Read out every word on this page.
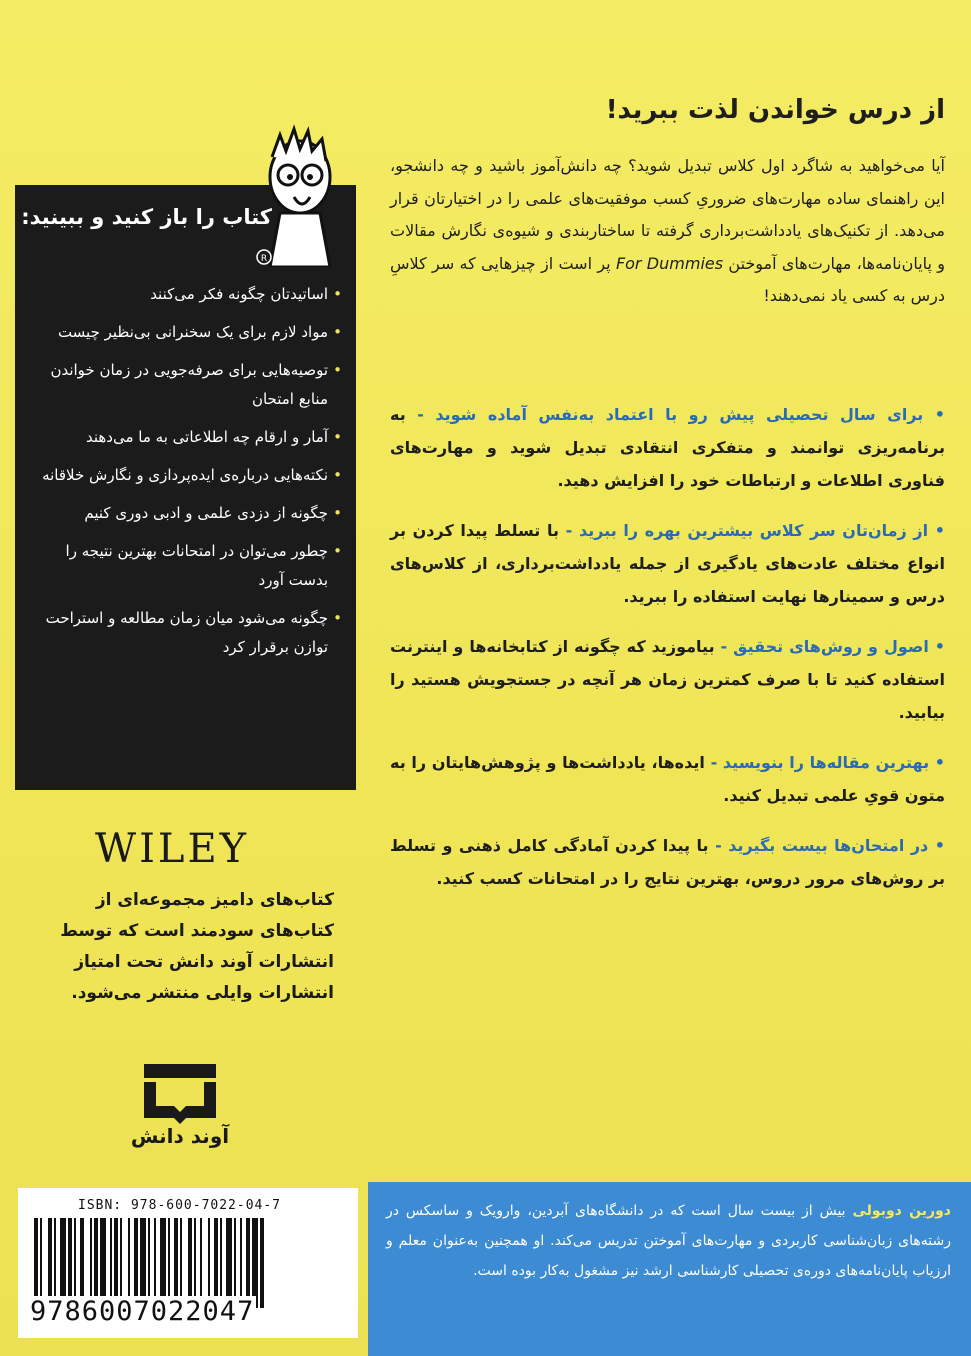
R
کتاب را باز کنید و ببینید:
• اساتیدتان چگونه فکر می‌کنند
• مواد لازم برای یک سخنرانی بی‌نظیر چیست
• توصیه‌هایی برای صرفه‌جویی در زمان خواندن منابع امتحان
• آمار و ارقام چه اطلاعاتی به ما می‌دهند
• نکته‌هایی درباره‌ی ایده‌پردازی و نگارش خلاقانه
• چگونه از دزدی علمی و ادبی دوری کنیم
• چطور می‌توان در امتحانات بهترین نتیجه را بدست آورد
• چگونه می‌شود میان زمان مطالعه و استراحت توازن برقرار کرد
WILEY
کتاب‌های دامیز مجموعه‌ای از کتاب‌های سودمند است که توسط انتشارات آوند دانش تحت امتیاز انتشارات وایلی منتشر می‌شود.
آوند دانش
ISBN: 978-600-7022-04-7
9786007022047
از درس خواندن لذت ببرید!

آیا می‌خواهید به شاگرد اول کلاس تبدیل شوید؟ چه دانش‌آموز باشید و چه دانشجو، این راهنمای ساده مهارت‌های ضروریِ کسب موفقیت‌های علمی را در اختیارتان قرار می‌دهد. از تکنیک‌های یادداشت‌برداری گرفته تا ساختاربندی و شیوه‌ی نگارش مقالات و پایان‌نامه‌ها، مهارت‌های آموختن For Dummies پر است از چیزهایی که سر کلاسِ درس به کسی یاد نمی‌دهند!

• برای سال تحصیلی پیش رو با اعتماد به‌نفس آماده شوید - به برنامه‌ریزی توانمند و متفکری انتقادی تبدیل شوید و مهارت‌های فناوری اطلاعات و ارتباطات خود را افزایش دهید.
• از زمان‌تان سر کلاس بیشترین بهره را ببرید - با تسلط پیدا کردن بر انواع مختلف عادت‌های یادگیری از جمله یادداشت‌برداری، از کلاس‌های درس و سمینارها نهایت استفاده را ببرید.
• اصول و روش‌های تحقیق - بیاموزید که چگونه از کتابخانه‌ها و اینترنت استفاده کنید تا با صرف کمترین زمان هر آنچه در جستجویش هستید را بیابید.
• بهترین مقاله‌ها را بنویسید - ایده‌ها، یادداشت‌ها و پژوهش‌هایتان را به متون قویِ علمی تبدیل کنید.
• در امتحان‌ها بیست بگیرید - با پیدا کردن آمادگی کامل ذهنی و تسلط بر روش‌های مرور دروس، بهترین نتایج را در امتحانات کسب کنید.

دورین دوبولی بیش از بیست سال است که در دانشگاه‌های آبردین، وارویک و ساسکس در رشته‌های زبان‌شناسی کاربردی و مهارت‌های آموختن تدریس می‌کند. او همچنین به‌عنوان معلم و ارزیاب پایان‌نامه‌های دوره‌ی تحصیلی کارشناسی ارشد نیز مشغول به‌کار بوده است.
